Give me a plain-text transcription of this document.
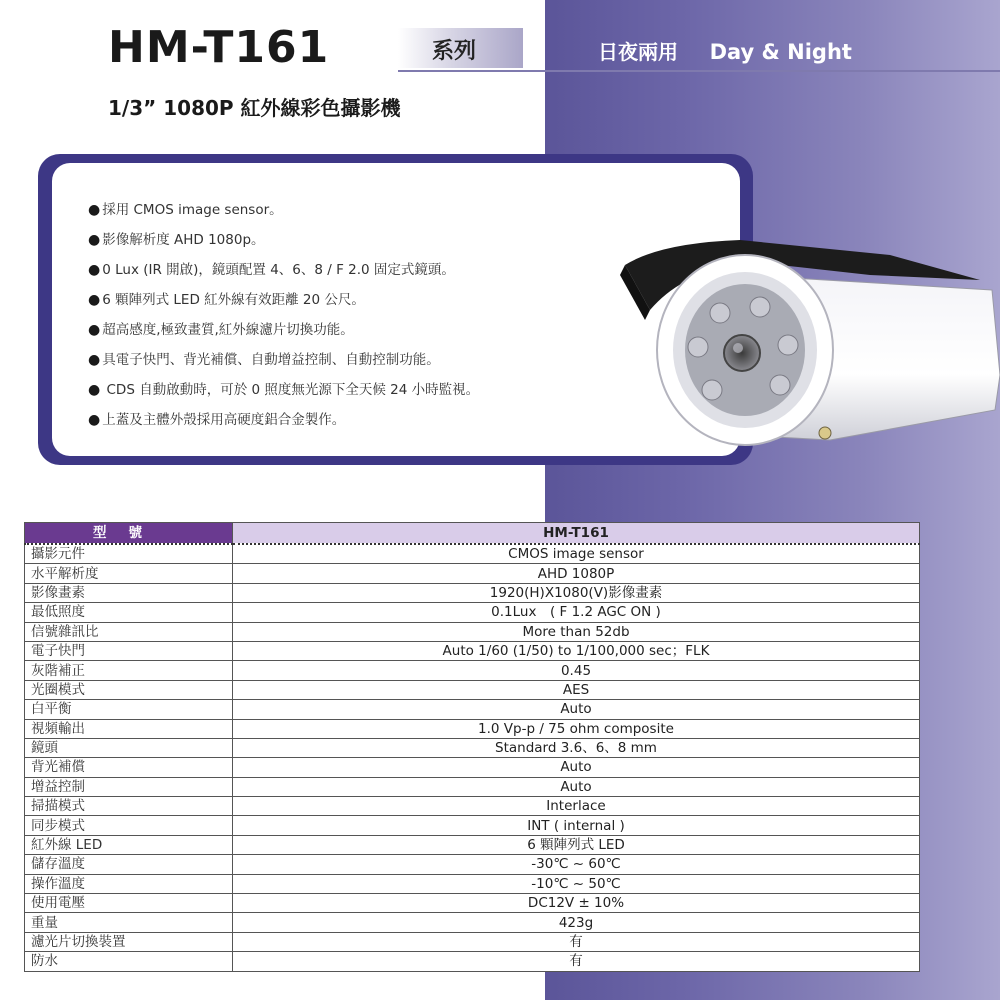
HM-T161	系列	日夜兩用 Day & Night
1/3” 1080P 紅外線彩色攝影機
● 採用 CMOS image sensor。
● 影像解析度 AHD 1080p。
● 0 Lux (IR 開啟)，鏡頭配置 4、6、8 / F 2.0 固定式鏡頭。
● 6 顆陣列式 LED 紅外線有效距離 20 公尺。
● 超高感度,極致畫質,紅外線濾片切換功能。
● 具電子快門、背光補償、自動增益控制、自動控制功能。
● CDS 自動啟動時，可於 0 照度無光源下全天候 24 小時監視。
● 上蓋及主體外殼採用高硬度鋁合金製作。
型號	HM-T161
攝影元件	CMOS image sensor
水平解析度	AHD 1080P
影像畫素	1920(H)X1080(V)影像畫素
最低照度	0.1Lux　( F 1.2 AGC ON )
信號雜訊比	More than 52db
電子快門	Auto 1/60 (1/50) to 1/100,000 sec；FLK
灰階補正	0.45
光圈模式	AES
白平衡	Auto
視頻輸出	1.0 Vp-p / 75 ohm composite
鏡頭	Standard 3.6、6、8 mm
背光補償	Auto
增益控制	Auto
掃描模式	Interlace
同步模式	INT ( internal )
紅外線 LED	6 顆陣列式 LED
儲存溫度	-30℃ ~ 60℃
操作溫度	-10℃ ~ 50℃
使用電壓	DC12V ± 10%
重量	423g
濾光片切換裝置	有
防水	有
